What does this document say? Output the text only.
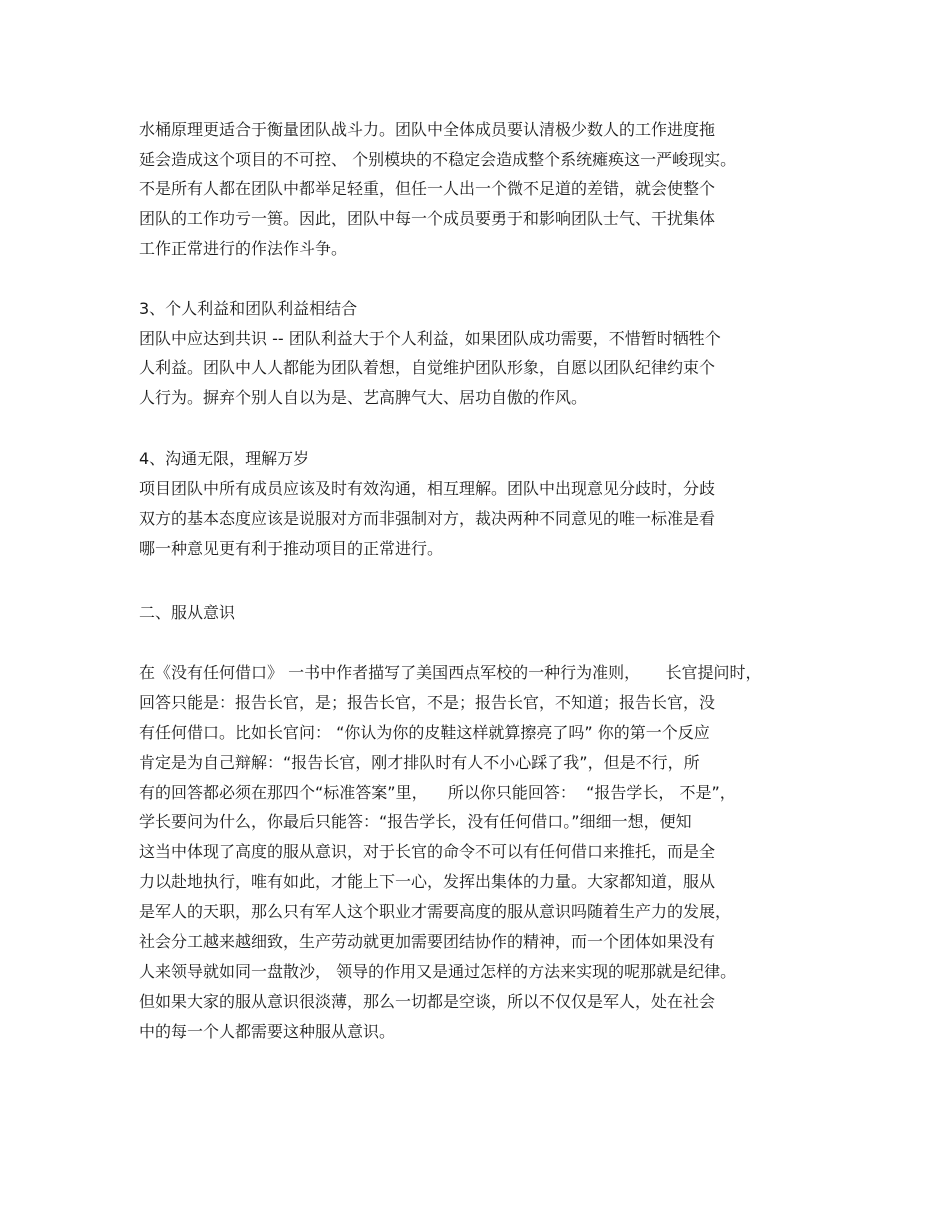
水桶原理更适合于衡量团队战斗力。团队中全体成员要认清极少数人的工作进度拖
延会造成这个项目的不可控、 个别模块的不稳定会造成整个系统瘫痪这一严峻现实。
不是所有人都在团队中都举足轻重，但任一人出一个微不足道的差错，就会使整个
团队的工作功亏一篑。因此，团队中每一个成员要勇于和影响团队士气、干扰集体
工作正常进行的作法作斗争。
3、个人利益和团队利益相结合
团队中应达到共识 -- 团队利益大于个人利益，如果团队成功需要，不惜暂时牺牲个
人利益。团队中人人都能为团队着想，自觉维护团队形象，自愿以团队纪律约束个
人行为。摒弃个别人自以为是、艺高脾气大、居功自傲的作风。
4、沟通无限，理解万岁
项目团队中所有成员应该及时有效沟通，相互理解。团队中出现意见分歧时，分歧
双方的基本态度应该是说服对方而非强制对方，裁决两种不同意见的唯一标准是看
哪一种意见更有利于推动项目的正常进行。
二、服从意识
在《没有任何借口》 一书中作者描写了美国西点军校的一种行为准则，     长官提问时，
回答只能是：报告长官，是；报告长官，不是；报告长官，不知道；报告长官，没
有任何借口。比如长官问： “你认为你的皮鞋这样就算擦亮了吗” 你的第一个反应
肯定是为自己辩解：“报告长官，刚才排队时有人不小心踩了我”，但是不行，所
有的回答都必须在那四个“标准答案”里，    所以你只能回答：  “报告学长， 不是”，
学长要问为什么，你最后只能答：“报告学长，没有任何借口。”细细一想，便知
这当中体现了高度的服从意识，对于长官的命令不可以有任何借口来推托，而是全
力以赴地执行，唯有如此，才能上下一心，发挥出集体的力量。大家都知道，服从
是军人的天职，那么只有军人这个职业才需要高度的服从意识吗随着生产力的发展，
社会分工越来越细致，生产劳动就更加需要团结协作的精神，而一个团体如果没有
人来领导就如同一盘散沙， 领导的作用又是通过怎样的方法来实现的呢那就是纪律。
但如果大家的服从意识很淡薄，那么一切都是空谈，所以不仅仅是军人，处在社会
中的每一个人都需要这种服从意识。
